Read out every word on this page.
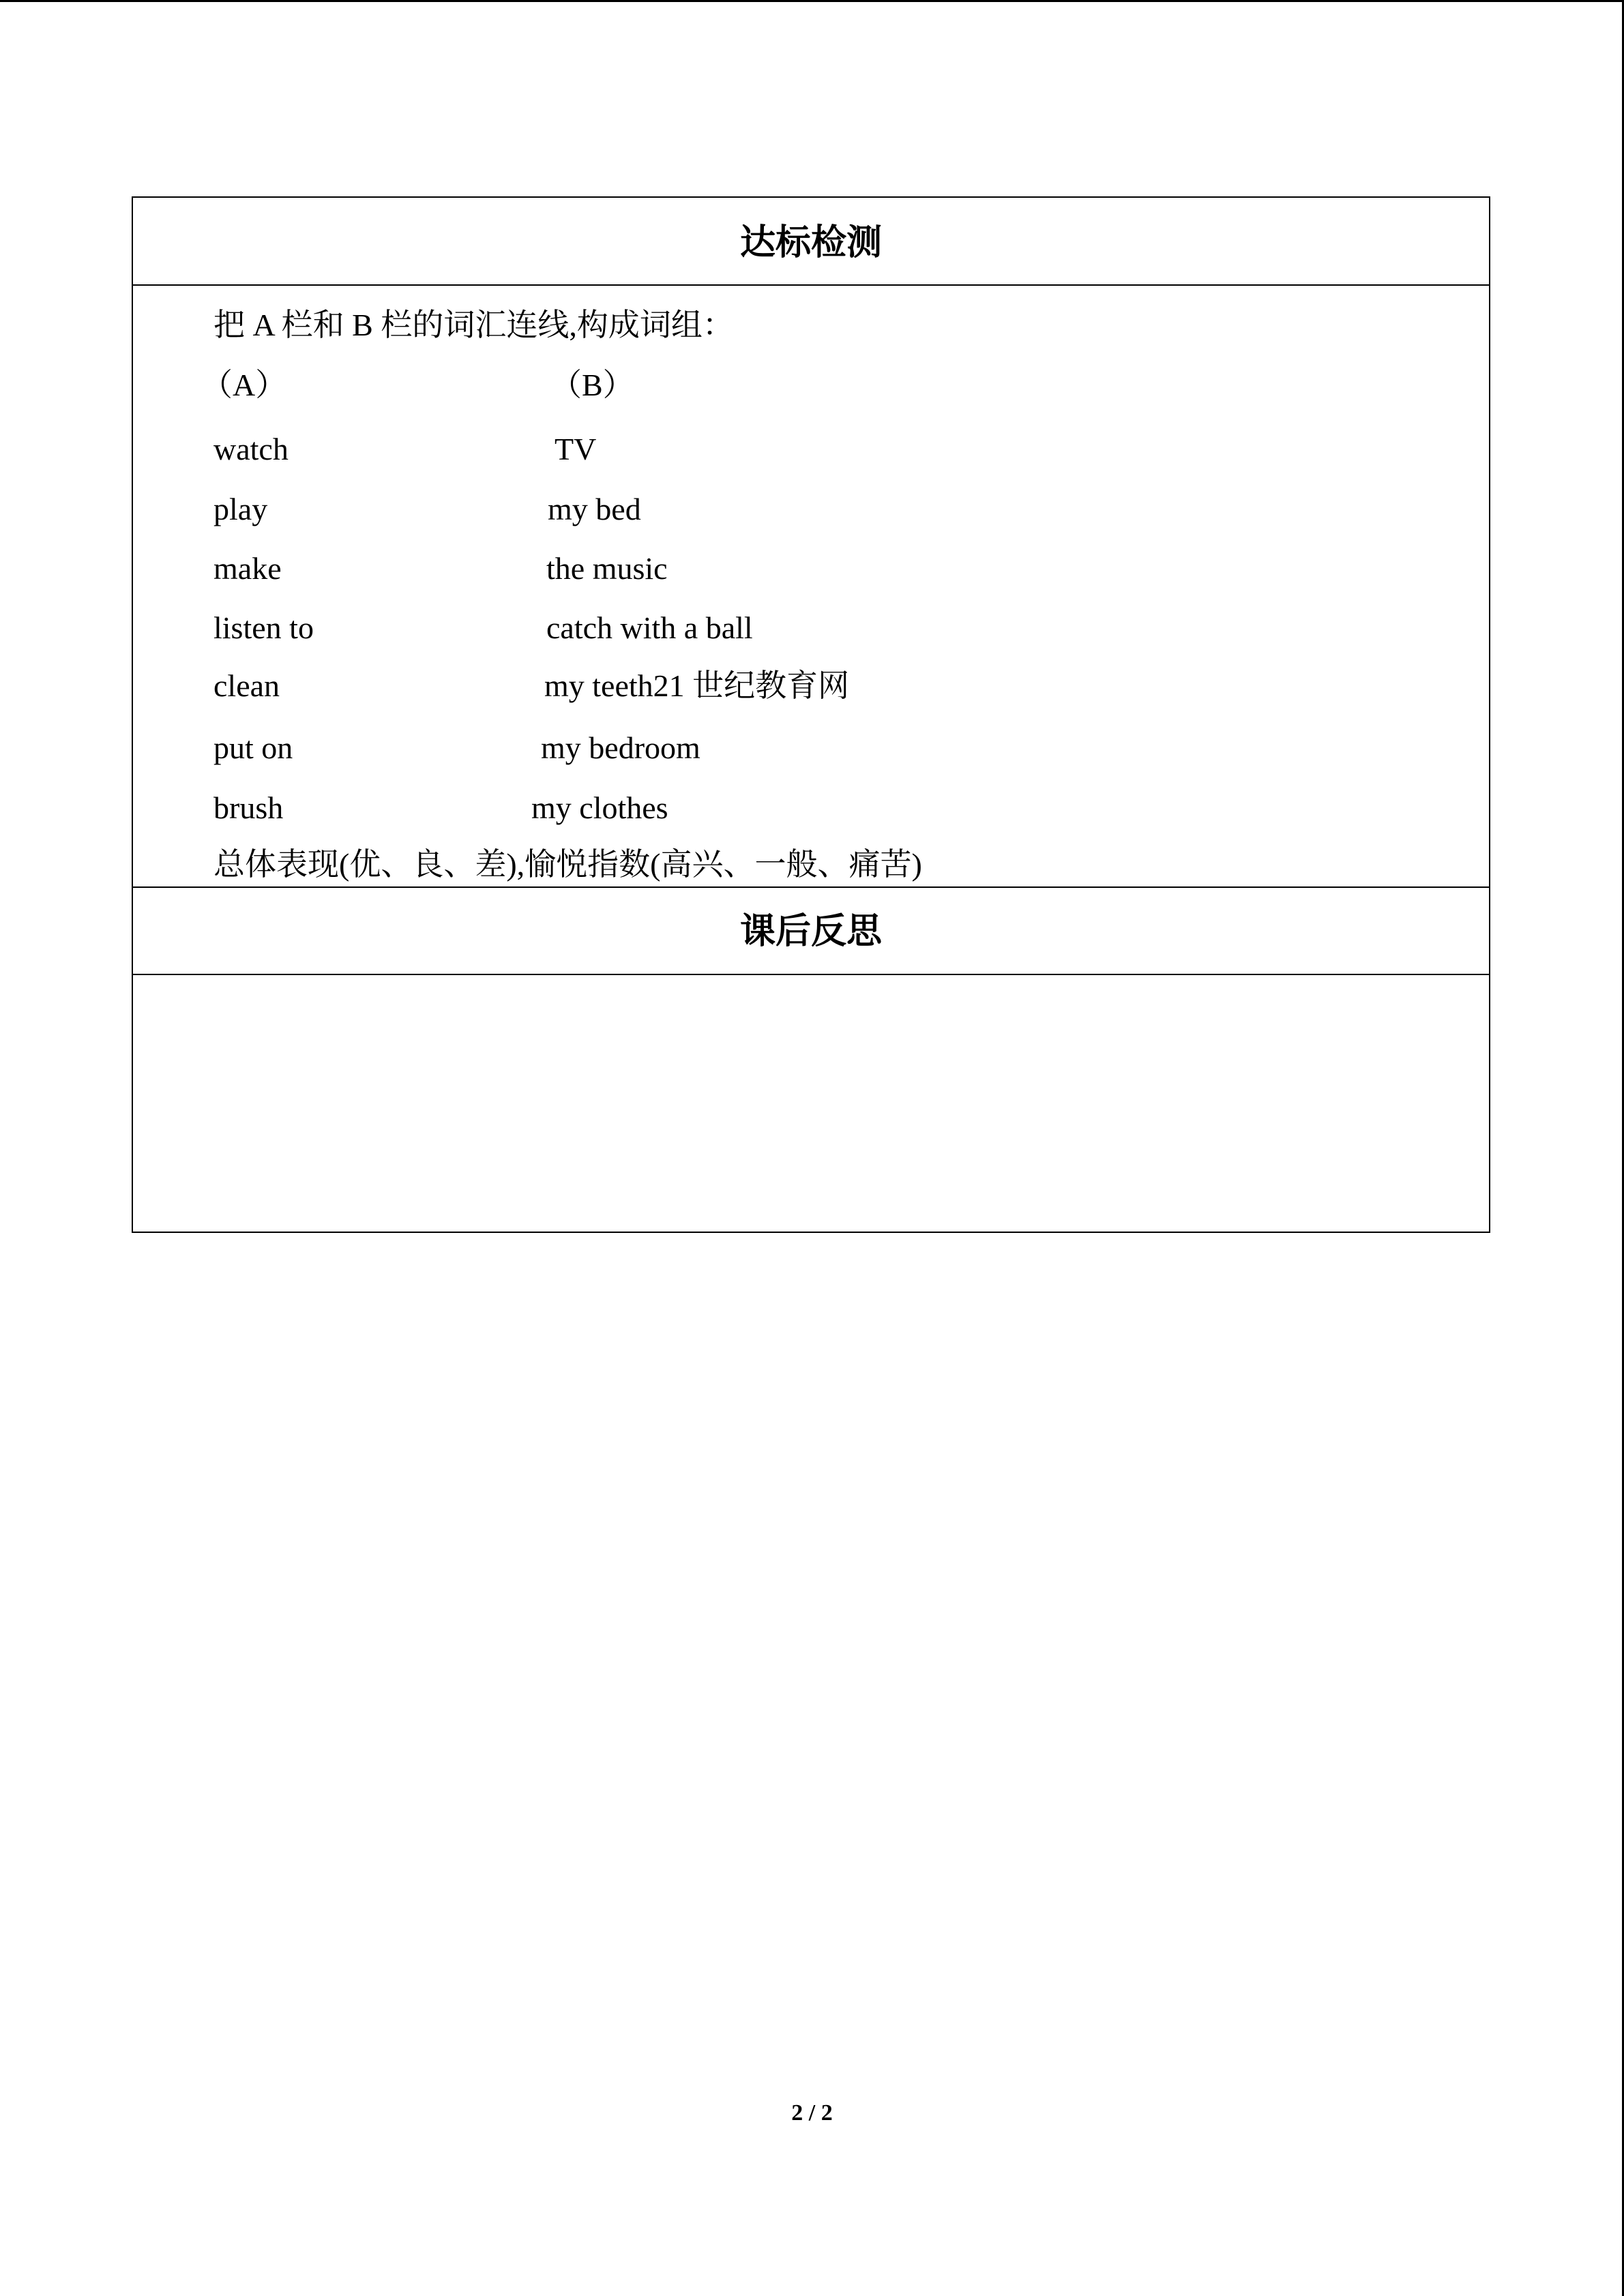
达标检测
把 A 栏和 B 栏的词汇连线,构成词组：
（A）	（B）
watch	TV
play	my bed
make	the music
listen to	catch with a ball
clean	my teeth21 世纪教育网
put on	my bedroom
brush	my clothes
总体表现(优、良、差),愉悦指数(高兴、一般、痛苦)
课后反思
2 / 2
